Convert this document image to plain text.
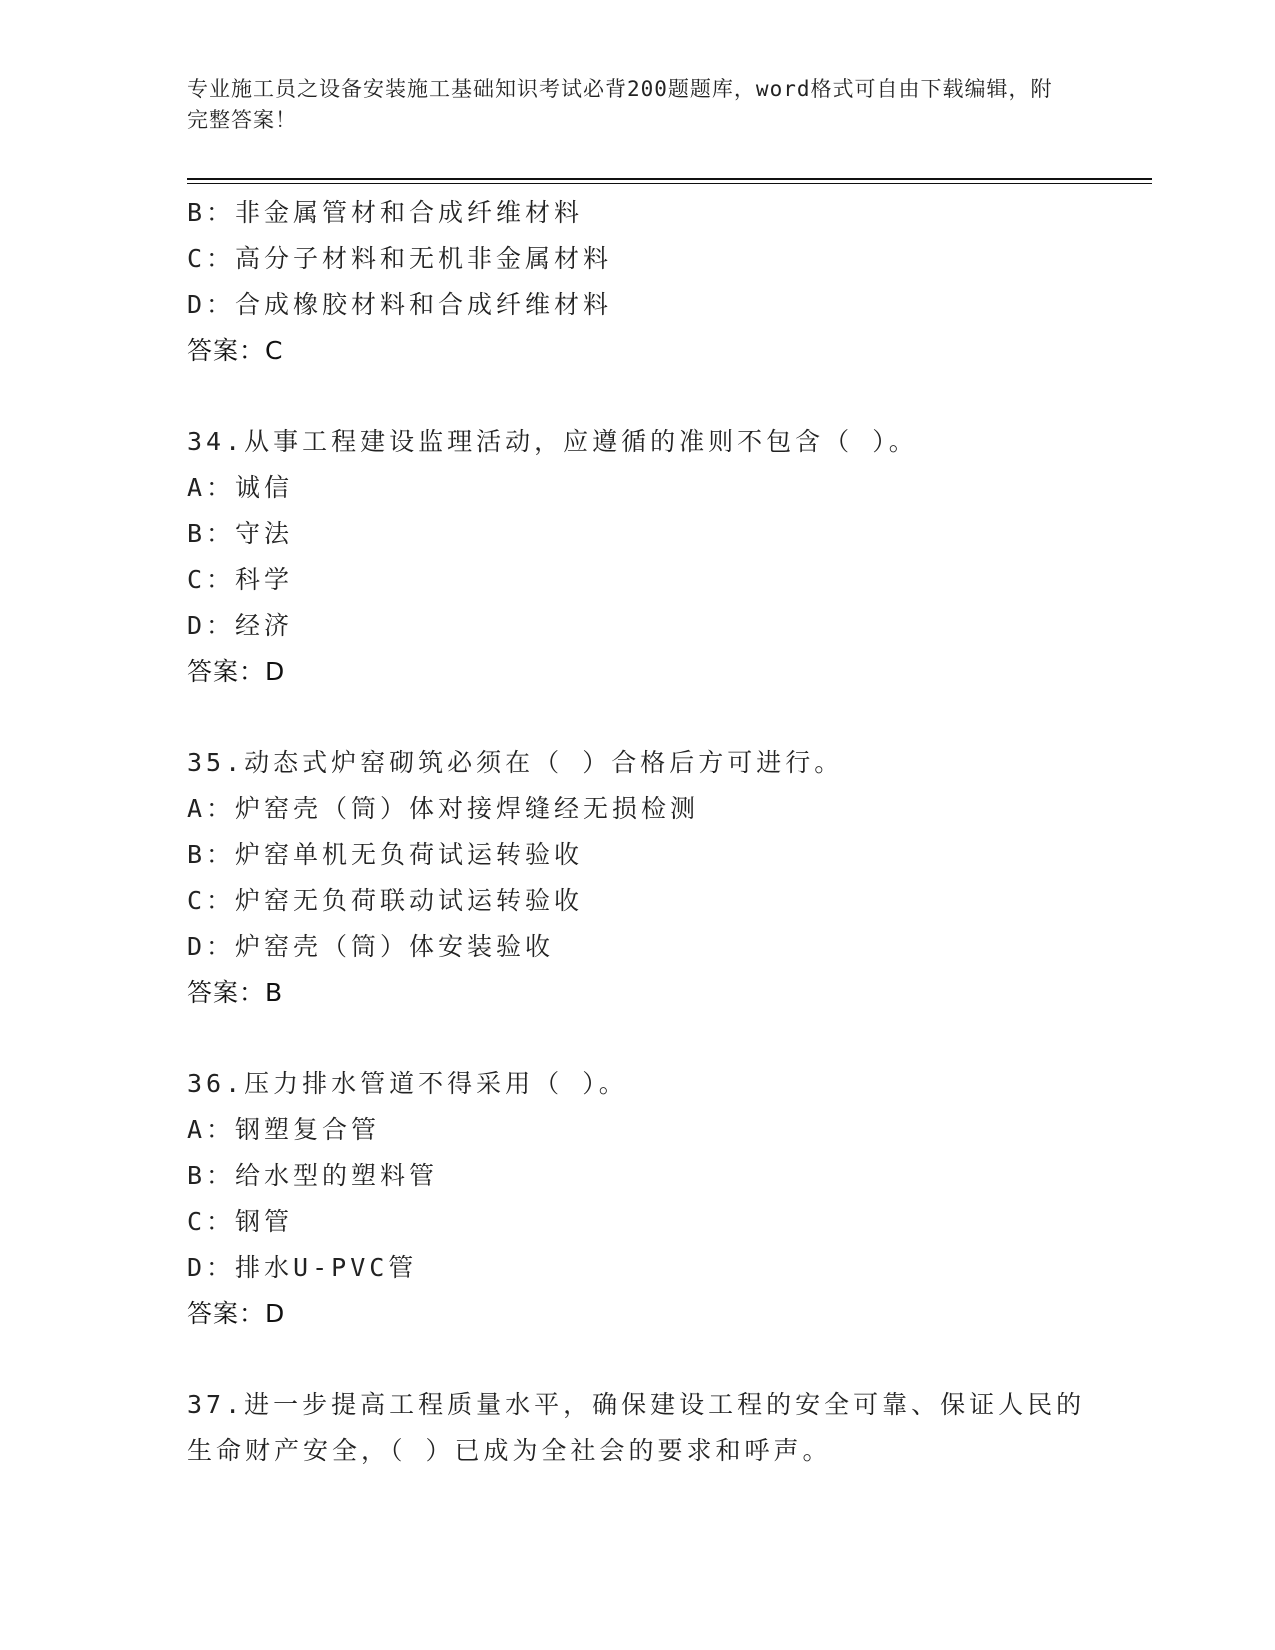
专业施工员之设备安装施工基础知识考试必背200题题库，word格式可自由下载编辑，附完整答案！
B：非金属管材和合成纤维材料
C：高分子材料和无机非金属材料
D：合成橡胶材料和合成纤维材料
答案：C
34.从事工程建设监理活动，应遵循的准则不包含（ ）。
A：诚信
B：守法
C：科学
D：经济
答案：D
35.动态式炉窑砌筑必须在（ ）合格后方可进行。
A：炉窑壳（筒）体对接焊缝经无损检测
B：炉窑单机无负荷试运转验收
C：炉窑无负荷联动试运转验收
D：炉窑壳（筒）体安装验收
答案：B
36.压力排水管道不得采用（ ）。
A：钢塑复合管
B：给水型的塑料管
C：钢管
D：排水U-PVC管
答案：D
37.进一步提高工程质量水平，确保建设工程的安全可靠、保证人民的生命财产安全，（ ）已成为全社会的要求和呼声。
